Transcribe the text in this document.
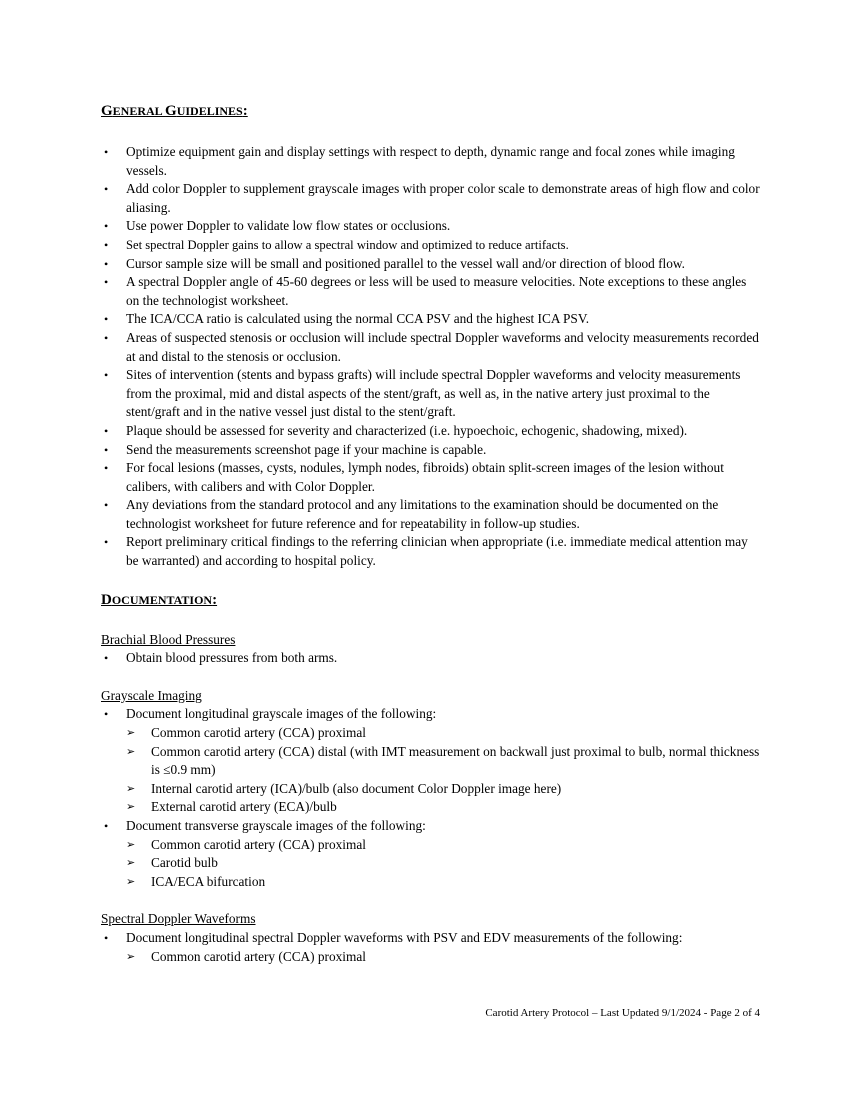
GENERAL GUIDELINES:

• Optimize equipment gain and display settings with respect to depth, dynamic range and focal zones while imaging vessels.
• Add color Doppler to supplement grayscale images with proper color scale to demonstrate areas of high flow and color aliasing.
• Use power Doppler to validate low flow states or occlusions.
• Set spectral Doppler gains to allow a spectral window and optimized to reduce artifacts.
• Cursor sample size will be small and positioned parallel to the vessel wall and/or direction of blood flow.
• A spectral Doppler angle of 45-60 degrees or less will be used to measure velocities. Note exceptions to these angles on the technologist worksheet.
• The ICA/CCA ratio is calculated using the normal CCA PSV and the highest ICA PSV.
• Areas of suspected stenosis or occlusion will include spectral Doppler waveforms and velocity measurements recorded at and distal to the stenosis or occlusion.
• Sites of intervention (stents and bypass grafts) will include spectral Doppler waveforms and velocity measurements from the proximal, mid and distal aspects of the stent/graft, as well as, in the native artery just proximal to the stent/graft and in the native vessel just distal to the stent/graft.
• Plaque should be assessed for severity and characterized (i.e. hypoechoic, echogenic, shadowing, mixed).
• Send the measurements screenshot page if your machine is capable.
• For focal lesions (masses, cysts, nodules, lymph nodes, fibroids) obtain split-screen images of the lesion without calibers, with calibers and with Color Doppler.
• Any deviations from the standard protocol and any limitations to the examination should be documented on the technologist worksheet for future reference and for repeatability in follow-up studies.
• Report preliminary critical findings to the referring clinician when appropriate (i.e. immediate medical attention may be warranted) and according to hospital policy.

DOCUMENTATION:

Brachial Blood Pressures
• Obtain blood pressures from both arms.
Grayscale Imaging
• Document longitudinal grayscale images of the following:
➢ Common carotid artery (CCA) proximal
➢ Common carotid artery (CCA) distal (with IMT measurement on backwall just proximal to bulb, normal thickness is ≤0.9 mm)
➢ Internal carotid artery (ICA)/bulb (also document Color Doppler image here)
➢ External carotid artery (ECA)/bulb
• Document transverse grayscale images of the following:
➢ Common carotid artery (CCA) proximal
➢ Carotid bulb
➢ ICA/ECA bifurcation
Spectral Doppler Waveforms
• Document longitudinal spectral Doppler waveforms with PSV and EDV measurements of the following:
➢ Common carotid artery (CCA) proximal
Carotid Artery Protocol – Last Updated 9/1/2024 - Page 2 of 4
